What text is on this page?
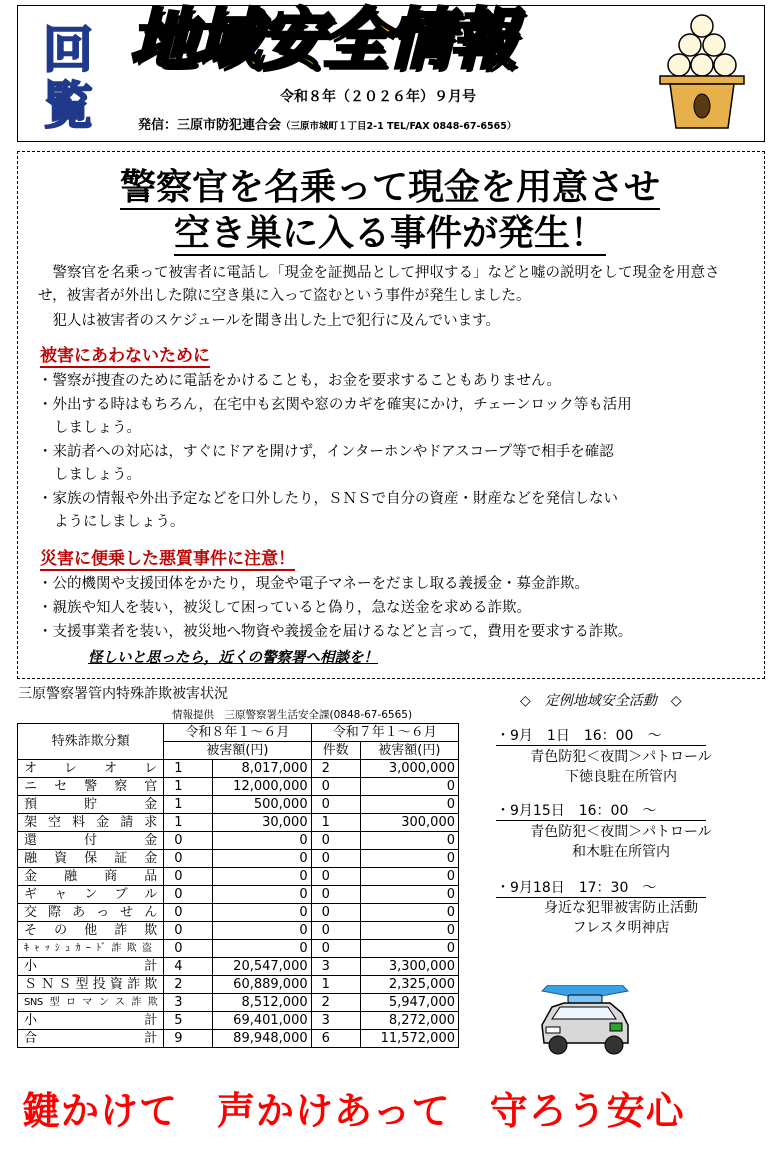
回
覧
地域安全情報
令和８年（２０２６年）９月号
発信：三原市防犯連合会（三原市城町１丁目2-1 TEL/FAX 0848-67-6565）
警察官を名乗って現金を用意させ
空き巣に入る事件が発生！
　警察官を名乗って被害者に電話し「現金を証拠品として押収する」などと嘘の説明をして現金を用意させ，被害者が外出した隙に空き巣に入って盗むという事件が発生しました。
　犯人は被害者のスケジュールを聞き出した上で犯行に及んでいます。
被害にあわないために
・警察が捜査のために電話をかけることも，お金を要求することもありません。
・外出する時はもちろん，在宅中も玄関や窓のカギを確実にかけ，チェーンロック等も活用
しましょう。
・来訪者への対応は，すぐにドアを開けず，インターホンやドアスコープ等で相手を確認
しましょう。
・家族の情報や外出予定などを口外したり，ＳＮＳで自分の資産・財産などを発信しない
ようにしましょう。
災害に便乗した悪質事件に注意！
・公的機関や支援団体をかたり，現金や電子マネーをだまし取る義援金・募金詐欺。
・親族や知人を装い，被災して困っていると偽り，急な送金を求める詐欺。
・支援事業者を装い，被災地へ物資や義援金を届けるなどと言って，費用を要求する詐欺。
怪しいと思ったら，近くの警察署へ相談を！
三原警察署管内特殊詐欺被害状況
情報提供　三原警察署生活安全課(0848-67-6565)
特殊詐欺分類	令和８年１～６月		令和７年１～６月	
	被害額(円)		件数	被害額(円)
オレオレ	1	8,017,000	2	3,000,000
ニセ警察官	1	12,000,000	0	0
預貯金	1	500,000	0	0
架空料金請求	1	30,000	1	300,000
還付金	0	0	0	0
融資保証金	0	0	0	0
金融商品	0	0	0	0
ギャンブル	0	0	0	0
交際あっせん	0	0	0	0
その他詐欺	0	0	0	0
ｷｬｯｼｭｶｰﾄﾞ詐欺盗	0	0	0	0
小計	4	20,547,000	3	3,300,000
ＳＮＳ型投資詐欺	2	60,889,000	1	2,325,000
SNS型ロマンス詐欺	3	8,512,000	2	5,947,000
小計	5	69,401,000	3	8,272,000
合計	9	89,948,000	6	11,572,000
◇　定例地域安全活動　◇
・9月　1日　16：00　～
青色防犯＜夜間＞パトロール
下徳良駐在所管内
・9月15日　16：00　～
青色防犯＜夜間＞パトロール
和木駐在所管内
・9月18日　17：30　～
身近な犯罪被害防止活動
フレスタ明神店
鍵かけて　声かけあって　守ろう安心
